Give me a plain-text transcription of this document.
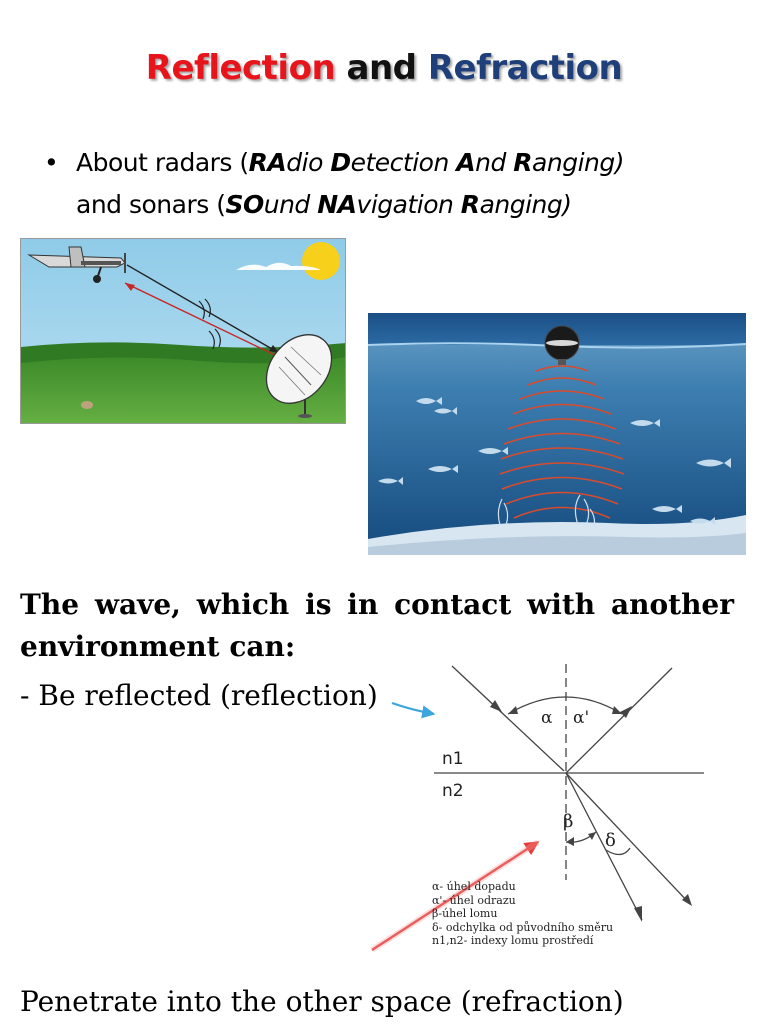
Reflection and Refraction
• About radars (RAdio Detection And Ranging)
and sonars (SOund NAvigation Ranging)
The wave, which is in contact with another environment can:
- Be reflected (reflection)
α α'
n1
n2
β
δ
α- úhel dopadu
α'- úhel odrazu
β-úhel lomu
δ- odchylka od původního směru
n1,n2- indexy lomu prostředí
Penetrate into the other space (refraction)
